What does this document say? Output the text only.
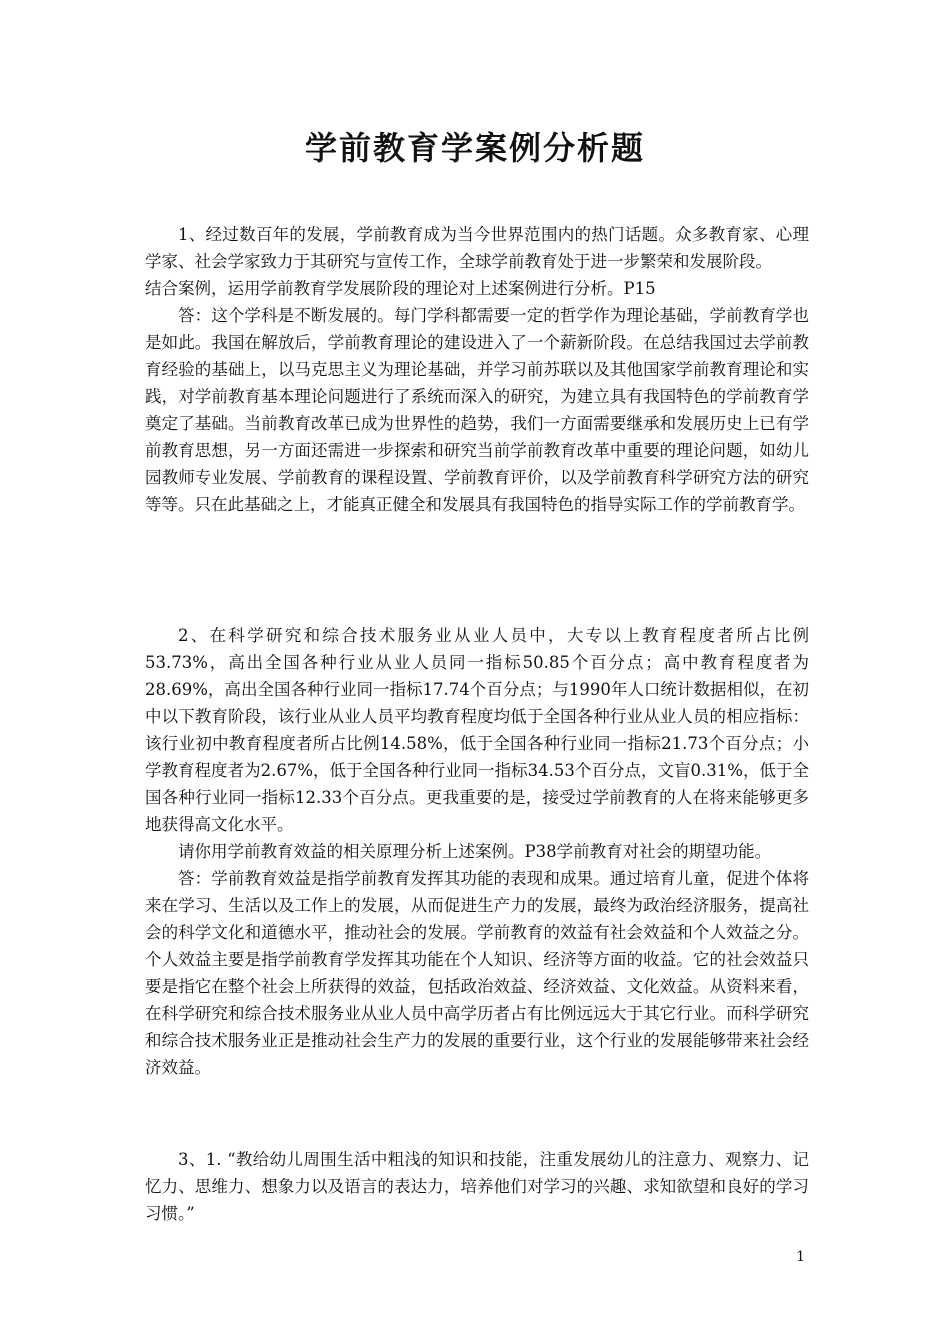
学前教育学案例分析题

1、经过数百年的发展，学前教育成为当今世界范围内的热门话题。众多教育家、心理学家、社会学家致力于其研究与宣传工作，全球学前教育处于进一步繁荣和发展阶段。

结合案例，运用学前教育学发展阶段的理论对上述案例进行分析。P15

答：这个学科是不断发展的。每门学科都需要一定的哲学作为理论基础，学前教育学也是如此。我国在解放后，学前教育理论的建设进入了一个薪新阶段。在总结我国过去学前教育经验的基础上，以马克思主义为理论基础，并学习前苏联以及其他国家学前教育理论和实践，对学前教育基本理论问题进行了系统而深入的研究，为建立具有我国特色的学前教育学奠定了基础。当前教育改革已成为世界性的趋势，我们一方面需要继承和发展历史上已有学前教育思想，另一方面还需进一步探索和研究当前学前教育改革中重要的理论问题，如幼儿园教师专业发展、学前教育的课程设置、学前教育评价，以及学前教育科学研究方法的研究等等。只在此基础之上，才能真正健全和发展具有我国特色的指导实际工作的学前教育学。

2、在科学研究和综合技术服务业从业人员中，大专以上教育程度者所占比例53.73%，高出全国各种行业从业人员同一指标50.85个百分点；高中教育程度者为28.69%，高出全国各种行业同一指标17.74个百分点；与1990年人口统计数据相似，在初中以下教育阶段，该行业从业人员平均教育程度均低于全国各种行业从业人员的相应指标：该行业初中教育程度者所占比例14.58%，低于全国各种行业同一指标21.73个百分点；小学教育程度者为2.67%，低于全国各种行业同一指标34.53个百分点，文盲0.31%，低于全国各种行业同一指标12.33个百分点。更我重要的是，接受过学前教育的人在将来能够更多地获得高文化水平。

请你用学前教育效益的相关原理分析上述案例。P38学前教育对社会的期望功能。

答：学前教育效益是指学前教育发挥其功能的表现和成果。通过培育儿童，促进个体将来在学习、生活以及工作上的发展，从而促进生产力的发展，最终为政治经济服务，提高社会的科学文化和道德水平，推动社会的发展。学前教育的效益有社会效益和个人效益之分。个人效益主要是指学前教育学发挥其功能在个人知识、经济等方面的收益。它的社会效益只要是指它在整个社会上所获得的效益，包括政治效益、经济效益、文化效益。从资料来看，在科学研究和综合技术服务业从业人员中高学历者占有比例远远大于其它行业。而科学研究和综合技术服务业正是推动社会生产力的发展的重要行业，这个行业的发展能够带来社会经济效益。

3、1. “教给幼儿周围生活中粗浅的知识和技能，注重发展幼儿的注意力、观察力、记忆力、思维力、想象力以及语言的表达力，培养他们对学习的兴趣、求知欲望和良好的学习习惯。”

1
